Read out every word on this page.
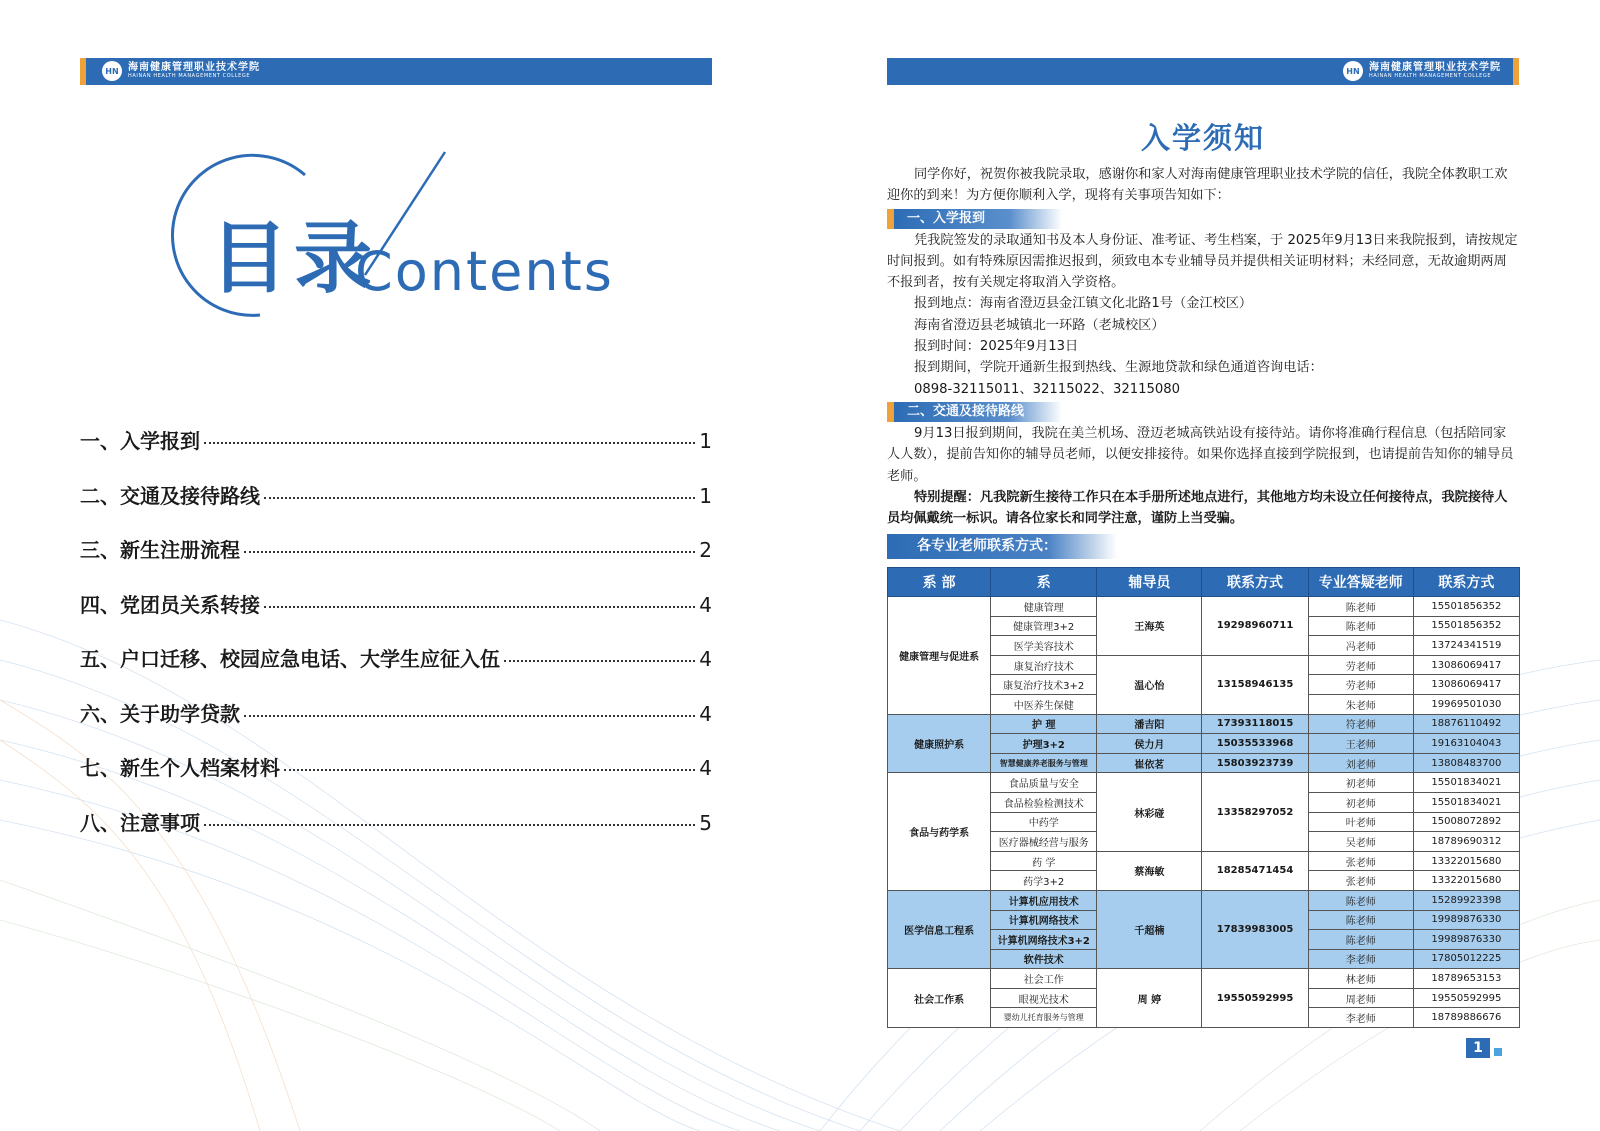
HN 海南健康管理职业技术学院
HAINAN HEALTH MANAGEMENT COLLEGE
目录
Contents
一、入学报到	1
二、交通及接待路线	1
三、新生注册流程	2
四、党团员关系转接	4
五、户口迁移、校园应急电话、大学生应征入伍	4
六、关于助学贷款	4
七、新生个人档案材料	4
八、注意事项	5
HN 海南健康管理职业技术学院
HAINAN HEALTH MANAGEMENT COLLEGE
入学须知

同学你好，祝贺你被我院录取，感谢你和家人对海南健康管理职业技术学院的信任，我院全体教职工欢迎你的到来！为方便你顺利入学，现将有关事项告知如下：

一、入学报到

凭我院签发的录取通知书及本人身份证、准考证、考生档案，于 2025年9月13日来我院报到，请按规定时间报到。如有特殊原因需推迟报到，须致电本专业辅导员并提供相关证明材料；未经同意，无故逾期两周不报到者，按有关规定将取消入学资格。

报到地点：海南省澄迈县金江镇文化北路1号（金江校区）

海南省澄迈县老城镇北一环路（老城校区）

报到时间：2025年9月13日

报到期间，学院开通新生报到热线、生源地贷款和绿色通道咨询电话：

0898-32115011、32115022、32115080

二、交通及接待路线

9月13日报到期间，我院在美兰机场、澄迈老城高铁站设有接待站。请你将准确行程信息（包括陪同家人人数），提前告知你的辅导员老师，以便安排接待。如果你选择直接到学院报到，也请提前告知你的辅导员老师。

特别提醒：凡我院新生接待工作只在本手册所述地点进行，其他地方均未设立任何接待点，我院接待人员均佩戴统一标识。请各位家长和同学注意，谨防上当受骗。

各专业老师联系方式：
系 部	系	辅导员	联系方式	专业答疑老师	联系方式
健康管理与促进系	健康管理	王海英	19298960711	陈老师	15501856352
	健康管理3+2			陈老师	15501856352
	医学美容技术			冯老师	13724341519
	康复治疗技术	温心怡	13158946135	劳老师	13086069417
	康复治疗技术3+2			劳老师	13086069417
	中医养生保健			朱老师	19969501030
健康照护系	护 理	潘吉阳	17393118015	符老师	18876110492
	护理3+2	侯力月	15035533968	王老师	19163104043
	智慧健康养老服务与管理	崔依茗	15803923739	刘老师	13808483700
食品与药学系	食品质量与安全	林彩碰	13358297052	初老师	15501834021
	食品检验检测技术			初老师	15501834021
	中药学			叶老师	15008072892
	医疗器械经营与服务			吴老师	18789690312
	药 学	蔡海敏	18285471454	张老师	13322015680
	药学3+2			张老师	13322015680
医学信息工程系	计算机应用技术	千超楠	17839983005	陈老师	15289923398
	计算机网络技术			陈老师	19989876330
	计算机网络技术3+2			陈老师	19989876330
	软件技术			李老师	17805012225
社会工作系	社会工作	周 婷	19550592995	林老师	18789653153
	眼视光技术			周老师	19550592995
	婴幼儿托育服务与管理			李老师	18789886676
1
